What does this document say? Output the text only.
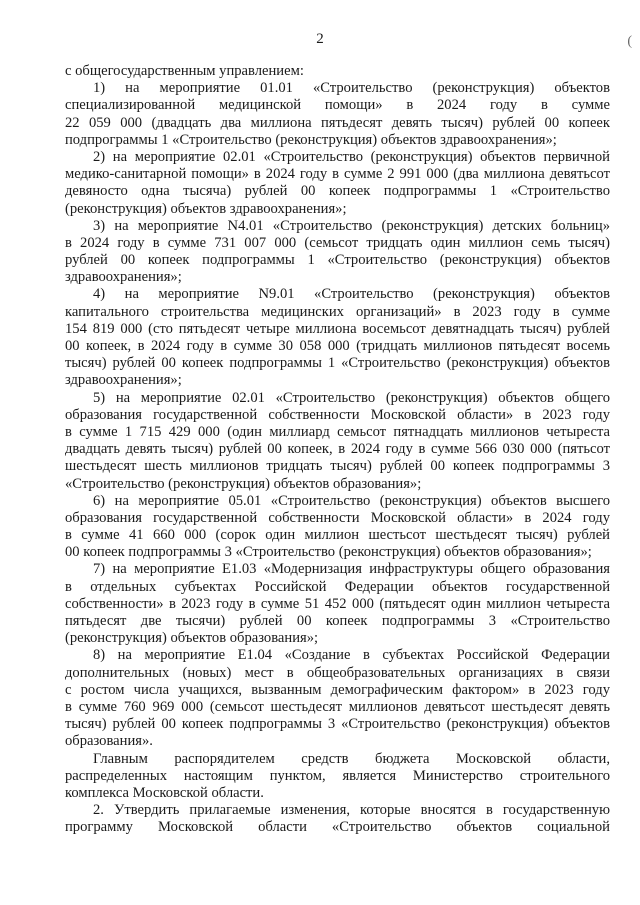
2	(
с общегосударственным управлением:
1) на мероприятие 01.01 «Строительство (реконструкция) объектов
специализированной медицинской помощи» в 2024 году в сумме
22 059 000 (двадцать два миллиона пятьдесят девять тысяч) рублей 00 копеек
подпрограммы 1 «Строительство (реконструкция) объектов здравоохранения»;
2) на мероприятие 02.01 «Строительство (реконструкция) объектов первичной
медико-санитарной помощи» в 2024 году в сумме 2 991 000 (два миллиона девятьсот
девяносто одна тысяча) рублей 00 копеек подпрограммы 1 «Строительство
(реконструкция) объектов здравоохранения»;
3) на мероприятие N4.01 «Строительство (реконструкция) детских больниц»
в 2024 году в сумме 731 007 000 (семьсот тридцать один миллион семь тысяч)
рублей 00 копеек подпрограммы 1 «Строительство (реконструкция) объектов
здравоохранения»;
4) на мероприятие N9.01 «Строительство (реконструкция) объектов
капитального строительства медицинских организаций» в 2023 году в сумме
154 819 000 (сто пятьдесят четыре миллиона восемьсот девятнадцать тысяч) рублей
00 копеек, в 2024 году в сумме 30 058 000 (тридцать миллионов пятьдесят восемь
тысяч) рублей 00 копеек подпрограммы 1 «Строительство (реконструкция) объектов
здравоохранения»;
5) на мероприятие 02.01 «Строительство (реконструкция) объектов общего
образования государственной собственности Московской области» в 2023 году
в сумме 1 715 429 000 (один миллиард семьсот пятнадцать миллионов четыреста
двадцать девять тысяч) рублей 00 копеек, в 2024 году в сумме 566 030 000 (пятьсот
шестьдесят шесть миллионов тридцать тысяч) рублей 00 копеек подпрограммы 3
«Строительство (реконструкция) объектов образования»;
6) на мероприятие 05.01 «Строительство (реконструкция) объектов высшего
образования государственной собственности Московской области» в 2024 году
в сумме 41 660 000 (сорок один миллион шестьсот шестьдесят тысяч) рублей
00 копеек подпрограммы 3 «Строительство (реконструкция) объектов образования»;
7) на мероприятие Е1.03 «Модернизация инфраструктуры общего образования
в отдельных субъектах Российской Федерации объектов государственной
собственности» в 2023 году в сумме 51 452 000 (пятьдесят один миллион четыреста
пятьдесят две тысячи) рублей 00 копеек подпрограммы 3 «Строительство
(реконструкция) объектов образования»;
8) на мероприятие Е1.04 «Создание в субъектах Российской Федерации
дополнительных (новых) мест в общеобразовательных организациях в связи
с ростом числа учащихся, вызванным демографическим фактором» в 2023 году
в сумме 760 969 000 (семьсот шестьдесят миллионов девятьсот шестьдесят девять
тысяч) рублей 00 копеек подпрограммы 3 «Строительство (реконструкция) объектов
образования».
Главным распорядителем средств бюджета Московской области,
распределенных настоящим пунктом, является Министерство строительного
комплекса Московской области.
2. Утвердить прилагаемые изменения, которые вносятся в государственную
программу Московской области «Строительство объектов социальной
